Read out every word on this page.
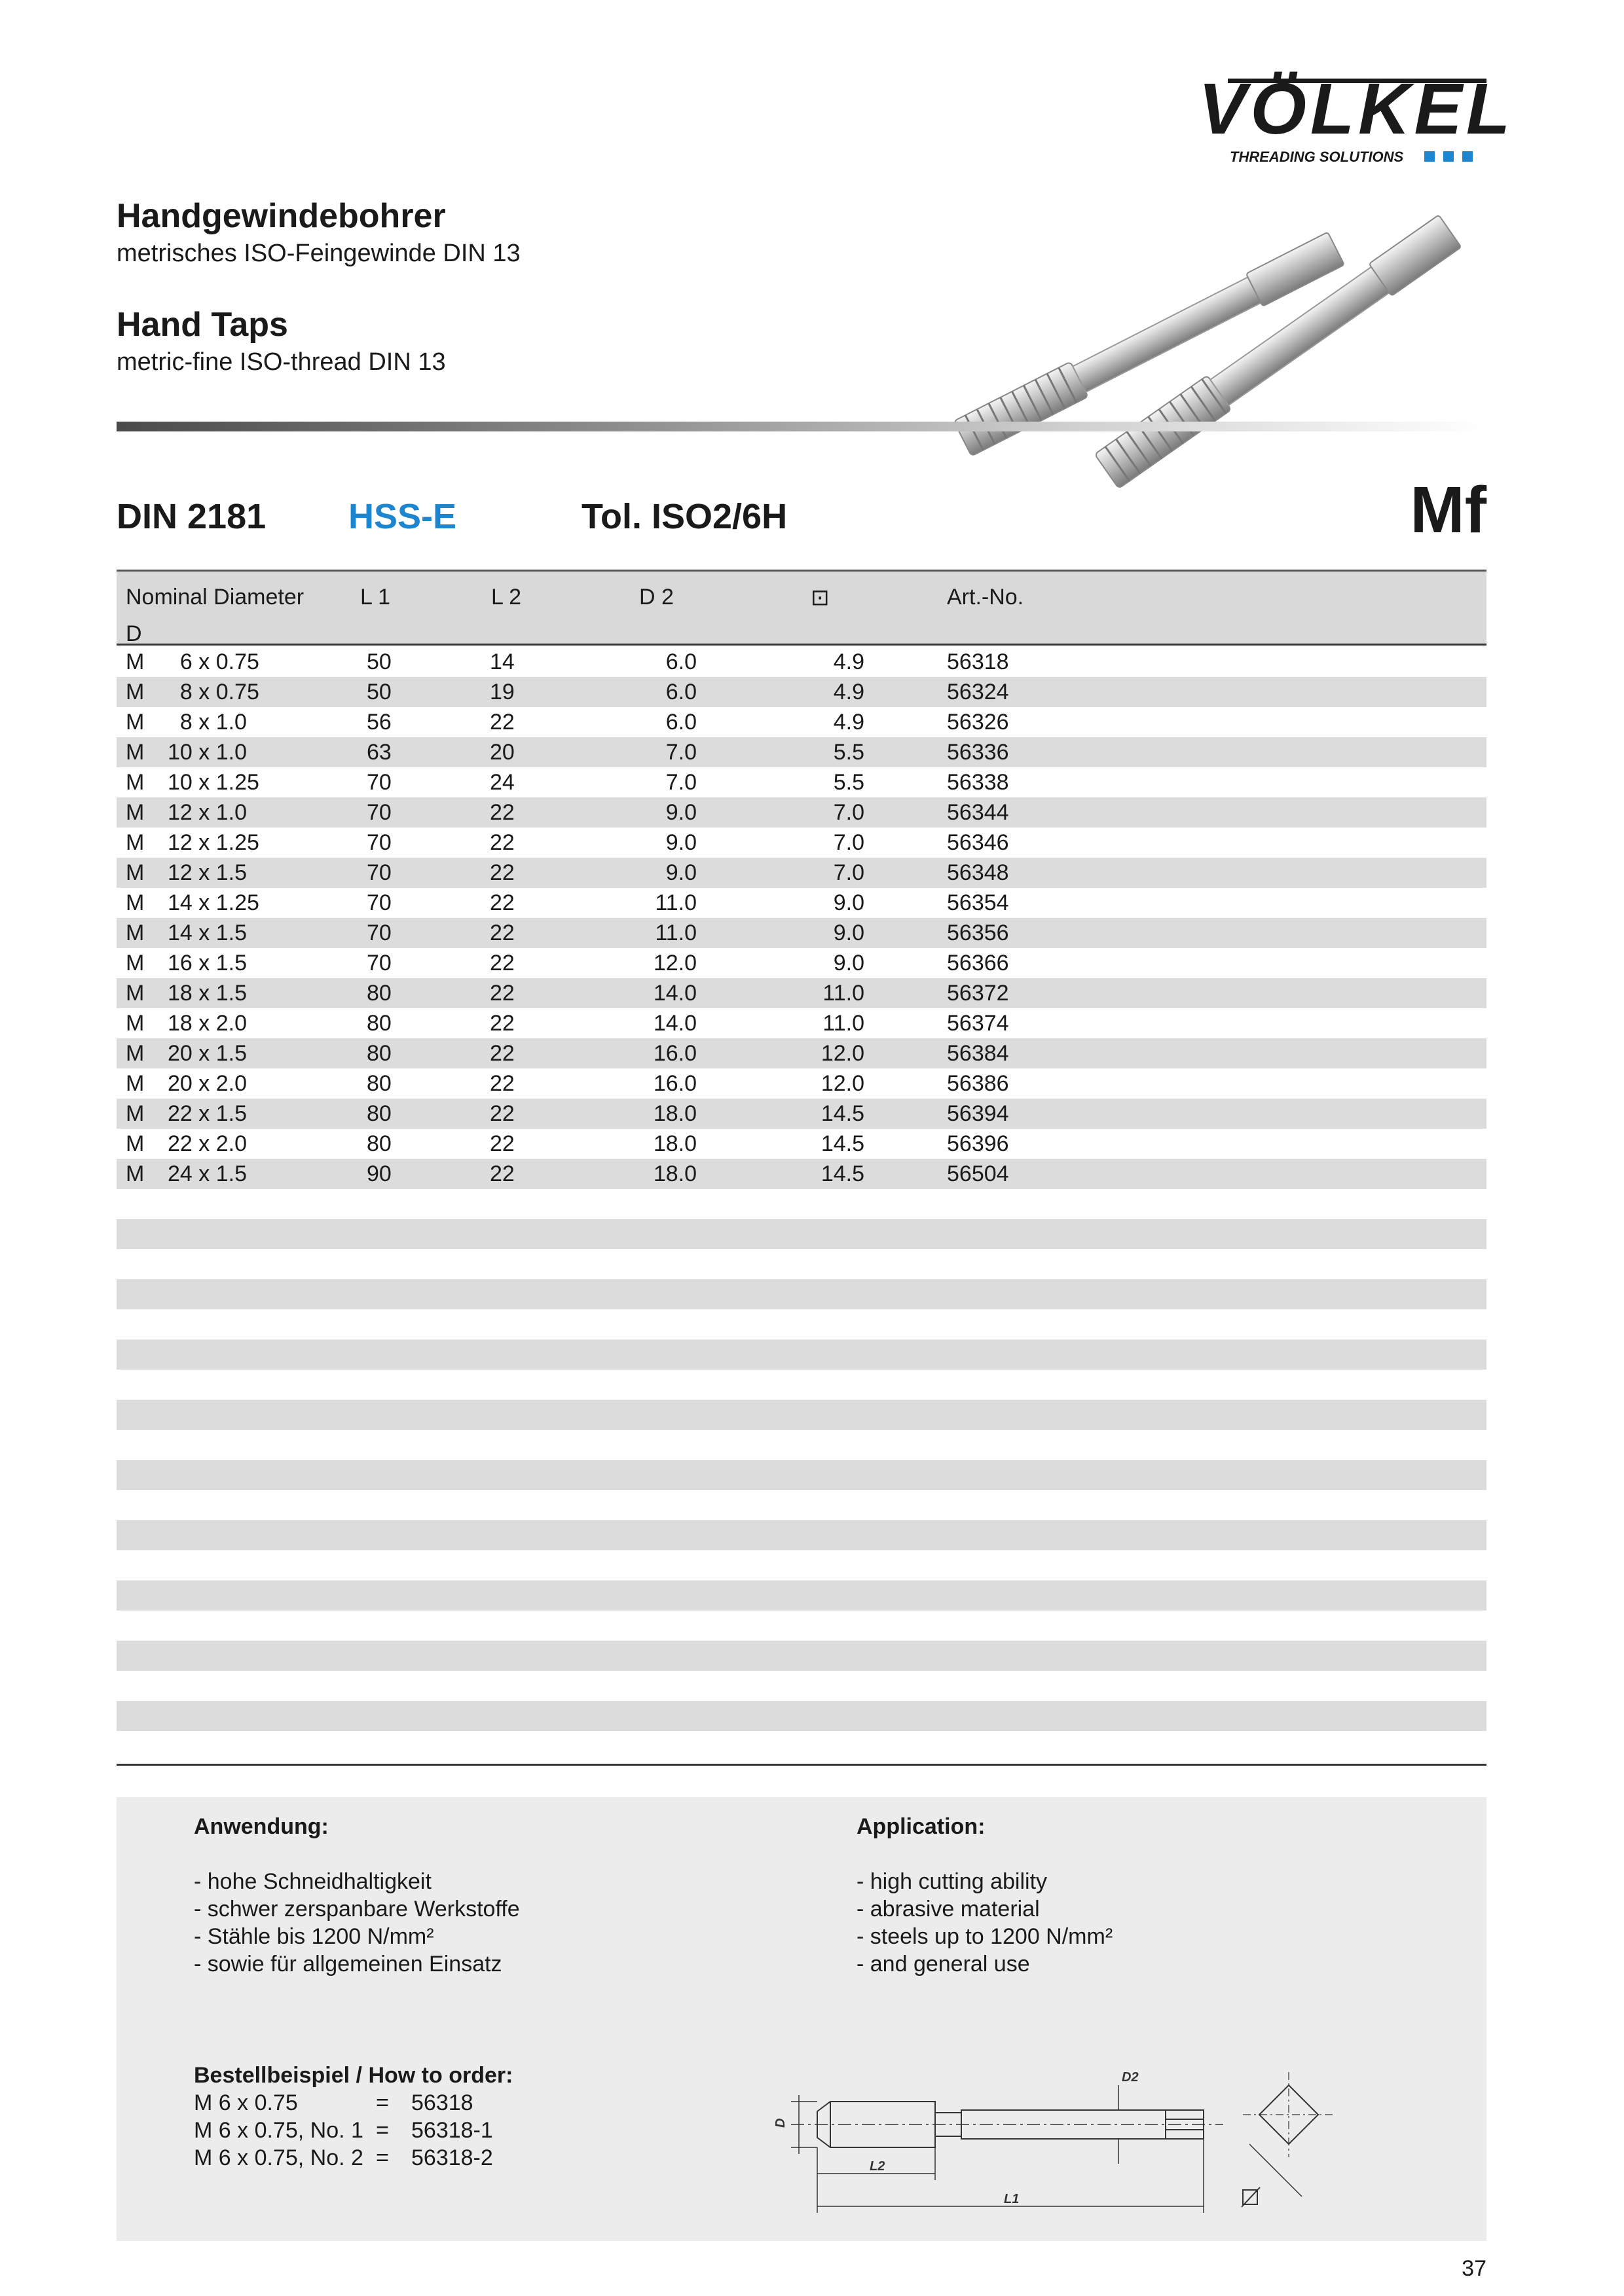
VÖLKEL
THREADING SOLUTIONS
Handgewindebohrer
metrisches ISO-Feingewinde DIN 13
Hand Taps
metric-fine ISO-thread DIN 13
DIN 2181 HSS-E	Tol. ISO2/6H	Mf
Nominal Diameter
D
L 1	L 2	D 2	⊡	Art.-No.
M 6 x 0.75	50	14	6.0	4.9	56318
M 8 x 0.75	50	19	6.0	4.9	56324
M 8 x 1.0	56	22	6.0	4.9	56326
M 10 x 1.0	63	20	7.0	5.5	56336
M 10 x 1.25	70	24	7.0	5.5	56338
M 12 x 1.0	70	22	9.0	7.0	56344
M 12 x 1.25	70	22	9.0	7.0	56346
M 12 x 1.5	70	22	9.0	7.0	56348
M 14 x 1.25	70	22	11.0	9.0	56354
M 14 x 1.5	70	22	11.0	9.0	56356
M 16 x 1.5	70	22	12.0	9.0	56366
M 18 x 1.5	80	22	14.0	11.0	56372
M 18 x 2.0	80	22	14.0	11.0	56374
M 20 x 1.5	80	22	16.0	12.0	56384
M 20 x 2.0	80	22	16.0	12.0	56386
M 22 x 1.5	80	22	18.0	14.5	56394
M 22 x 2.0	80	22	18.0	14.5	56396
M 24 x 1.5	90	22	18.0	14.5	56504
Anwendung:
- hohe Schneidhaltigkeit
- schwer zerspanbare Werkstoffe
- Stähle bis 1200 N/mm²
- sowie für allgemeinen Einsatz
Application:
- high cutting ability
- abrasive material
- steels up to 1200 N/mm²
- and general use
Bestellbeispiel / How to order:
M 6 x 0.75	= 56318
M 6 x 0.75, No. 1 = 56318-1
M 6 x 0.75, No. 2 = 56318-2
D
D2
L2
L1
37
